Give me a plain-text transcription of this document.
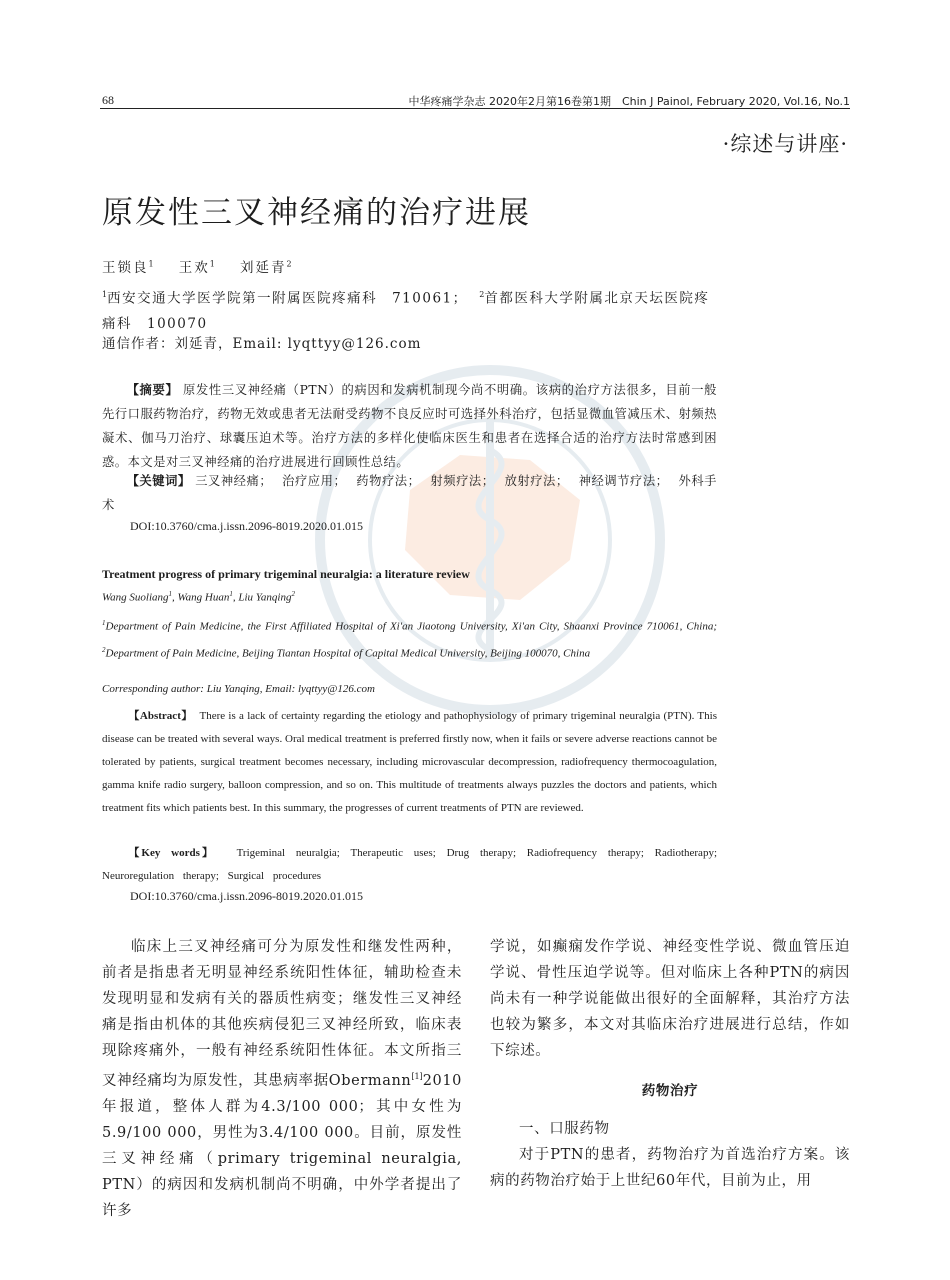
68	中华疼痛学杂志 2020年2月第16卷第1期　Chin J Painol, February 2020, Vol.16, No.1
·综述与讲座·
原发性三叉神经痛的治疗进展
王锁良$^1$ 王欢$^1$ 刘延青$^2$
$^1$西安交通大学医学院第一附属医院疼痛科　710061； $^2$首都医科大学附属北京天坛医院疼痛科　100070
通信作者：刘延青，Email: lyqttyy@126.com
【摘要】 原发性三叉神经痛（PTN）的病因和发病机制现今尚不明确。该病的治疗方法很多，目前一般先行口服药物治疗，药物无效或患者无法耐受药物不良反应时可选择外科治疗，包括显微血管减压术、射频热凝术、伽马刀治疗、球囊压迫术等。治疗方法的多样化使临床医生和患者在选择合适的治疗方法时常感到困惑。本文是对三叉神经痛的治疗进展进行回顾性总结。
【关键词】 三叉神经痛； 治疗应用； 药物疗法； 射频疗法； 放射疗法； 神经调节疗法； 外科手术
DOI:10.3760/cma.j.issn.2096-8019.2020.01.015
Treatment progress of primary trigeminal neuralgia: a literature review
Wang Suoliang$^1$, Wang Huan$^1$, Liu Yanqing$^2$
$^1$Department of Pain Medicine, the First Affiliated Hospital of Xi'an Jiaotong University, Xi'an City, Shaanxi Province 710061, China; $^2$Department of Pain Medicine, Beijing Tiantan Hospital of Capital Medical University, Beijing 100070, China
Corresponding author: Liu Yanqing, Email: lyqttyy@126.com
【Abstract】 There is a lack of certainty regarding the etiology and pathophysiology of primary trigeminal neuralgia (PTN). This disease can be treated with several ways. Oral medical treatment is preferred firstly now, when it fails or severe adverse reactions cannot be tolerated by patients, surgical treatment becomes necessary, including microvascular decompression, radiofrequency thermocoagulation, gamma knife radio surgery, balloon compression, and so on. This multitude of treatments always puzzles the doctors and patients, which treatment fits which patients best. In this summary, the progresses of current treatments of PTN are reviewed.
【Key words】 Trigeminal neuralgia; Therapeutic uses; Drug therapy; Radiofrequency therapy; Radiotherapy; Neuroregulation therapy; Surgical procedures
DOI:10.3760/cma.j.issn.2096-8019.2020.01.015

临床上三叉神经痛可分为原发性和继发性两种，前者是指患者无明显神经系统阳性体征，辅助检查未发现明显和发病有关的器质性病变；继发性三叉神经痛是指由机体的其他疾病侵犯三叉神经所致，临床表现除疼痛外，一般有神经系统阳性体征。本文所指三叉神经痛均为原发性，其患病率据Obermann[1]2010年报道，整体人群为4.3/100 000；其中女性为5.9/100 000，男性为3.4/100 000。目前，原发性三叉神经痛（primary trigeminal neuralgia, PTN）的病因和发病机制尚不明确，中外学者提出了许多

学说，如癫痫发作学说、神经变性学说、微血管压迫学说、骨性压迫学说等。但对临床上各种PTN的病因尚未有一种学说能做出很好的全面解释，其治疗方法也较为繁多，本文对其临床治疗进展进行总结，作如下综述。

药物治疗

一、口服药物

对于PTN的患者，药物治疗为首选治疗方案。该病的药物治疗始于上世纪60年代，目前为止，用
